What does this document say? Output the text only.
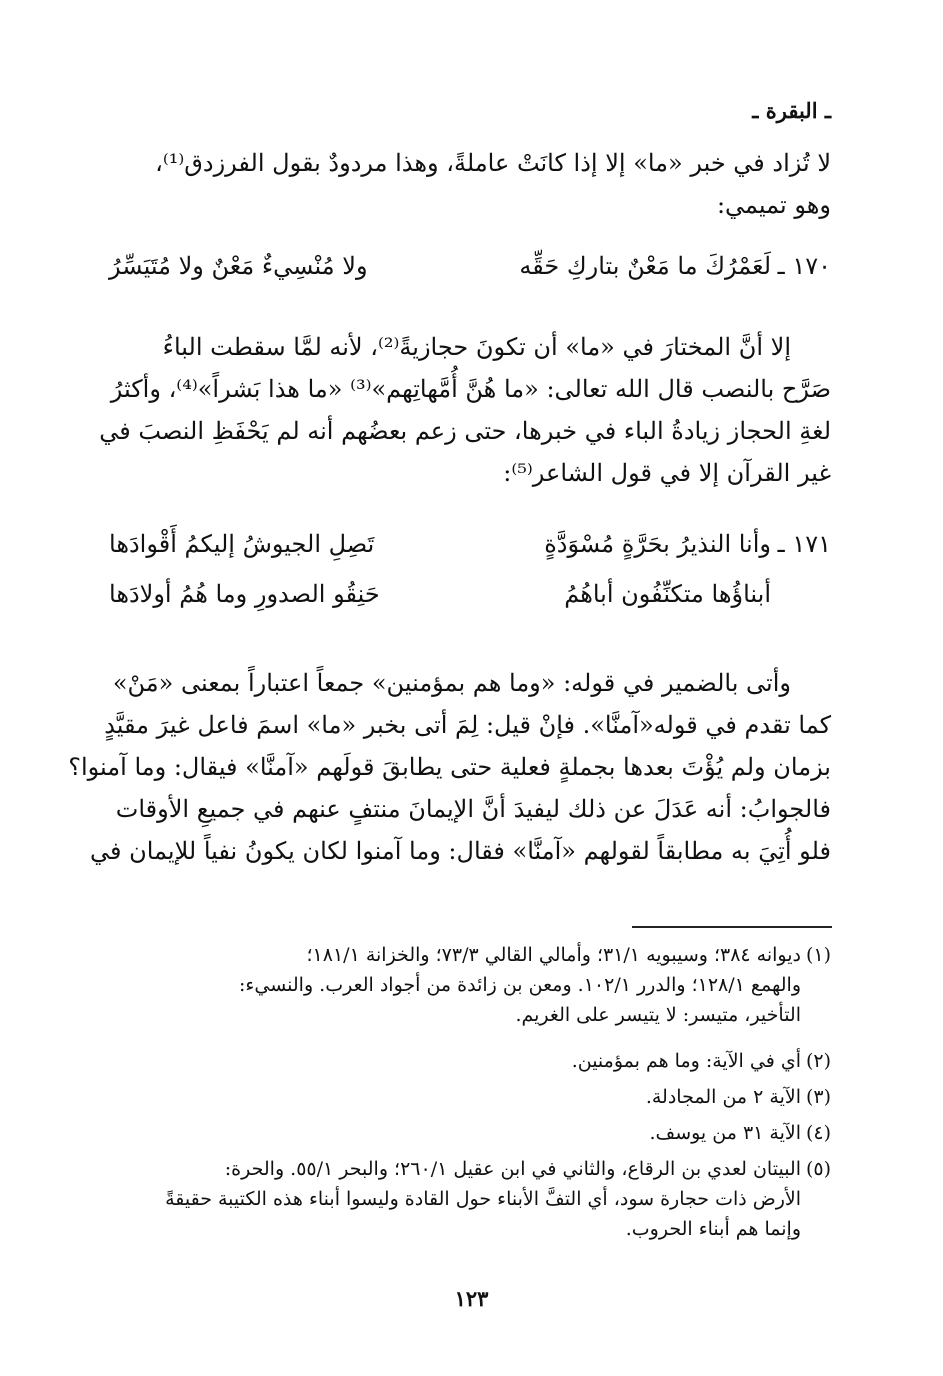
ـ البقرة ـ
لا تُزاد في خبر «ما» إلا إذا كانَتْ عاملةً، وهذا مردودٌ بقول الفرزدق⁽¹⁾،
وهو تميمي:
١٧٠ ـ
لَعَمْرُكَ ما مَعْنٌ بتاركِ حَقِّه
ولا مُنْسِيءٌ مَعْنٌ ولا مُتَيَسِّرُ
إلا أنَّ المختارَ في «ما» أن تكونَ حجازيةً⁽²⁾، لأنه لمَّا سقطت الباءُ
صَرَّح بالنصب قال الله تعالى: «ما هُنَّ أُمَّهاتِهم»⁽³⁾ «ما هذا بَشراً»⁽⁴⁾، وأكثرُ
لغةِ الحجاز زيادةُ الباء في خبرها، حتى زعم بعضُهم أنه لم يَحْفَظِ النصبَ في
غير القرآن إلا في قول الشاعر⁽⁵⁾:
١٧١ ـ
وأنا النذيرُ بحَرَّةٍ مُسْوَدَّةٍ
تَصِلِ الجيوشُ إليكمُ أَقْوادَها
أبناؤُها متكنِّفُون أباهُمُ
حَنِقُو الصدورِ وما هُمُ أولادَها
وأتى بالضمير في قوله: «وما هم بمؤمنين» جمعاً اعتباراً بمعنى «مَنْ»
كما تقدم في قوله«آمنَّا». فإنْ قيل: لِمَ أتى بخبر «ما» اسمَ فاعل غيرَ مقيَّدٍ
بزمان ولم يُؤْتَ بعدها بجملةٍ فعلية حتى يطابقَ قولَهم «آمنَّا» فيقال: وما آمنوا؟
فالجوابُ: أنه عَدَلَ عن ذلك ليفيدَ أنَّ الإيمانَ منتفٍ عنهم في جميعِ الأوقات
فلو أُتِيَ به مطابقاً لقولهم «آمنَّا» فقال: وما آمنوا لكان يكونُ نفياً للإيمان في
(١)ديوانه ٣٨٤؛ وسيبويه ٣١/١؛ وأمالي القالي ٧٣/٣؛ والخزانة ١٨١/١؛
والهمع ١٢٨/١؛ والدرر ١٠٢/١. ومعن بن زائدة من أجواد العرب. والنسيء:
التأخير، متيسر: لا يتيسر على الغريم.
(٢)أي في الآية: وما هم بمؤمنين.
(٣)الآية ٢ من المجادلة.
(٤)الآية ٣١ من يوسف.
(٥)البيتان لعدي بن الرقاع، والثاني في ابن عقيل ٢٦٠/١؛ والبحر ٥٥/١. والحرة:
الأرض ذات حجارة سود، أي التفَّ الأبناء حول القادة وليسوا أبناء هذه الكتيبة حقيقةً
وإنما هم أبناء الحروب.
١٢٣
